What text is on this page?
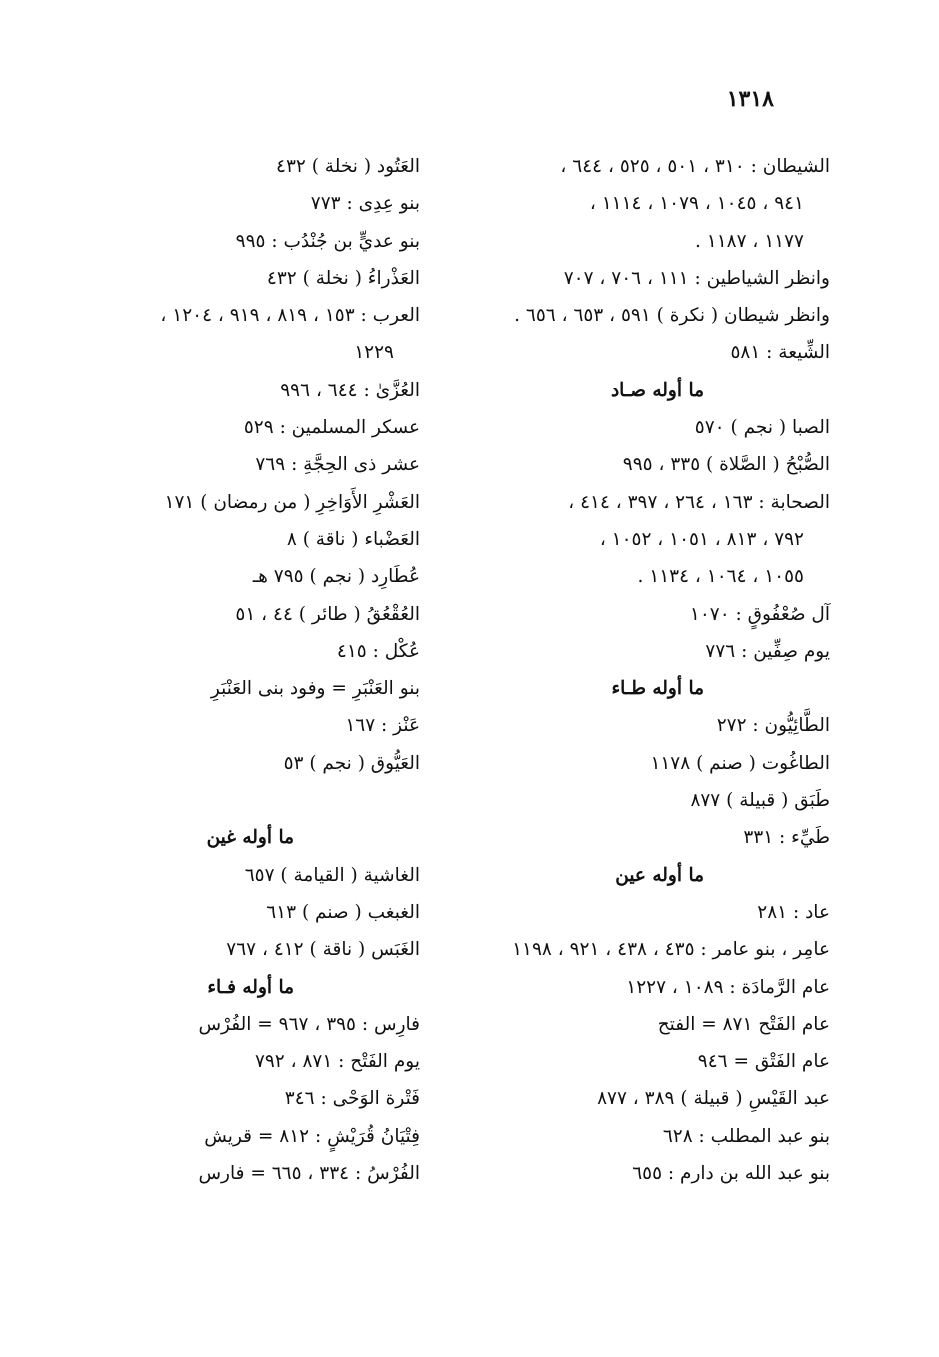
١٣١٨
الشيطان : ٣١٠ ، ٥٠١ ، ٥٢٥ ، ٦٤٤ ،
٩٤١ ، ١٠٤٥ ، ١٠٧٩ ، ١١١٤ ،
١١٧٧ ، ١١٨٧ .
وانظر الشياطين : ١١١ ، ٧٠٦ ، ٧٠٧
وانظر شيطان ( نكرة ) ٥٩١ ، ٦٥٣ ، ٦٥٦ .
الشِّيعة : ٥٨١
ما أوله صـاد
الصبا ( نجم ) ٥٧٠
الصُّبْحُ ( الصَّلاة ) ٣٣٥ ، ٩٩٥
الصحابة : ١٦٣ ، ٢٦٤ ، ٣٩٧ ، ٤١٤ ،
٧٩٢ ، ٨١٣ ، ١٠٥١ ، ١٠٥٢ ،
١٠٥٥ ، ١٠٦٤ ، ١١٣٤ .
آل صُعْفُوقٍ : ١٠٧٠
يوم صِفِّين : ٧٧٦
ما أوله طـاء
الطَّائِيُّون : ٢٧٢
الطاغُوت ( صنم ) ١١٧٨
طَبَق ( قبيلة ) ٨٧٧
طَيِّء : ٣٣١
ما أوله عين
عاد : ٢٨١
عامِر ، بنو عامر : ٤٣٥ ، ٤٣٨ ، ٩٢١ ، ١١٩٨
عام الرَّمادَة : ١٠٨٩ ، ١٢٢٧
عام الفَتْح ٨٧١ = الفتح
عام الفَتْق = ٩٤٦
عبد القَيْسِ ( قبيلة ) ٣٨٩ ، ٨٧٧
بنو عبد المطلب : ٦٢٨
بنو عبد الله بن دارم : ٦٥٥
العَتُود ( نخلة ) ٤٣٢
بنو عِدِى : ٧٧٣
بنو عديٍّ بن جُنْدُب : ٩٩٥
العَذْراءُ ( نخلة ) ٤٣٢
العرب : ١٥٣ ، ٨١٩ ، ٩١٩ ، ١٢٠٤ ،
١٢٢٩
العُزَّىٰ : ٦٤٤ ، ٩٩٦
عسكر المسلمين : ٥٢٩
عشر ذى الحِجَّةِ : ٧٦٩
العَشْرِ الأَوَاخِرِ ( من رمضان ) ١٧١
العَضْباء ( ناقة ) ٨
عُطَارِد ( نجم ) ٧٩٥ هـ
العُقْعُقُ ( طائر ) ٤٤ ، ٥١
عُكْل : ٤١٥
بنو العَنْبَرِ = وفود بنى العَنْبَرِ
عَنْز : ١٦٧
العَيُّوق ( نجم ) ٥٣
ما أوله غين
الغاشية ( القيامة ) ٦٥٧
الغبغب ( صنم ) ٦١٣
الغَبَس ( ناقة ) ٤١٢ ، ٧٦٧
ما أوله فـاء
فارِس : ٣٩٥ ، ٩٦٧ = الفُرْس
يوم الفَتْح : ٨٧١ ، ٧٩٢
فَتْرة الوَحْى : ٣٤٦
فِتْيَانُ قُرَيْشٍ : ٨١٢ = قريش
الفُرْسُ : ٣٣٤ ، ٦٦٥ = فارس
